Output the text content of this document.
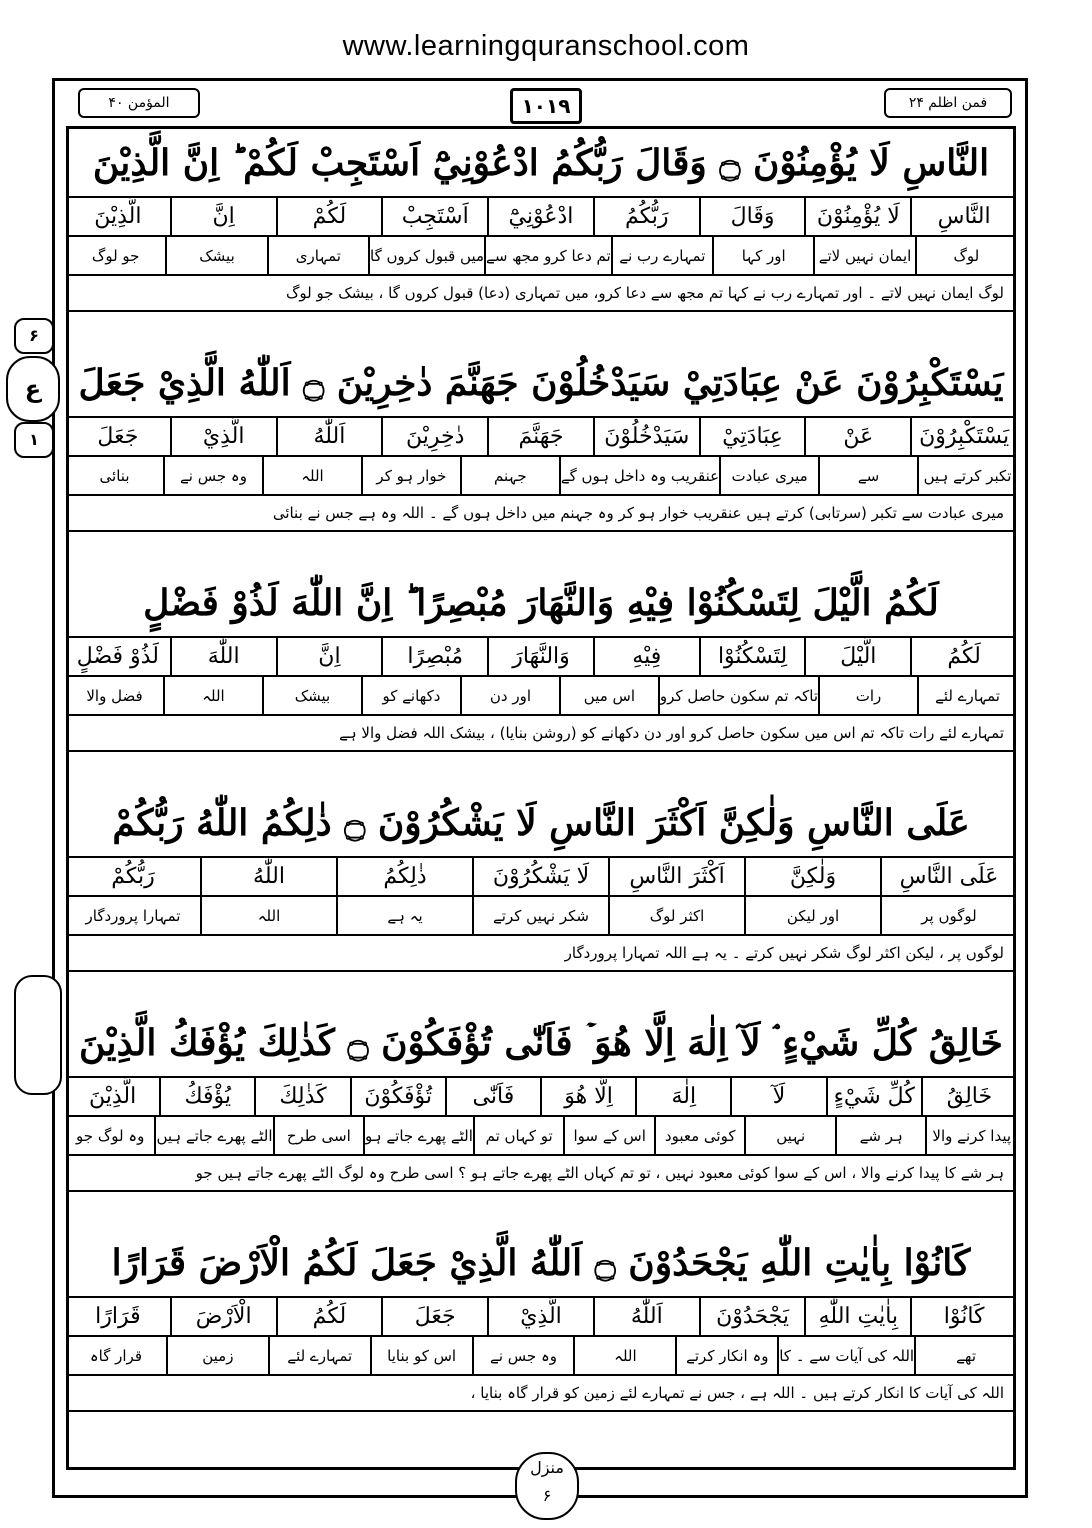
www.learningquranschool.com
فمن اظلم ۲۴
۱۰۱۹
المؤمن ۴۰
۶
ع
۱
النَّاسِ لَا يُؤْمِنُوْنَ ۝ وَقَالَ رَبُّكُمُ ادْعُوْنِيْٓ اَسْتَجِبْ لَكُمْ ؕ اِنَّ الَّذِيْنَ
النَّاسِ
لَا يُؤْمِنُوْنَ
وَقَالَ
رَبُّكُمُ
ادْعُوْنِيْٓ
اَسْتَجِبْ
لَكُمْ
اِنَّ
الَّذِيْنَ
لوگ
ایمان نہیں لاتے
اور کہا
تمہارے رب نے
تم دعا کرو مجھ سے
میں قبول کروں گا
تمہاری
بیشک
جو لوگ
لوگ ایمان نہیں لاتے ۔ اور تمہارے رب نے کہا تم مجھ سے دعا کرو، میں تمہاری (دعا) قبول کروں گا ، بیشک جو لوگ
يَسْتَكْبِرُوْنَ عَنْ عِبَادَتِيْ سَيَدْخُلُوْنَ جَهَنَّمَ دٰخِرِيْنَ ۝ اَللّٰهُ الَّذِيْ جَعَلَ
يَسْتَكْبِرُوْنَ
عَنْ
عِبَادَتِيْ
سَيَدْخُلُوْنَ
جَهَنَّمَ
دٰخِرِيْنَ
اَللّٰهُ
الَّذِيْ
جَعَلَ
تکبر کرتے ہیں
سے
میری عبادت
عنقریب وہ داخل ہوں گے
جہنم
خوار ہو کر
اللہ
وہ جس نے
بنائی
میری عبادت سے تکبر (سرتابی) کرتے ہیں عنقریب خوار ہو کر وہ جہنم میں داخل ہوں گے ۔ اللہ وہ ہے جس نے بنائی
لَكُمُ الَّيْلَ لِتَسْكُنُوْا فِيْهِ وَالنَّهَارَ مُبْصِرًا ؕ اِنَّ اللّٰهَ لَذُوْ فَضْلٍ
لَكُمُ
الَّيْلَ
لِتَسْكُنُوْا
فِيْهِ
وَالنَّهَارَ
مُبْصِرًا
اِنَّ
اللّٰهَ
لَذُوْ فَضْلٍ
تمہارے لئے
رات
تاکہ تم سکون حاصل کرو
اس میں
اور دن
دکھانے کو
بیشک
اللہ
فضل والا
تمہارے لئے رات تاکہ تم اس میں سکون حاصل کرو اور دن دکھانے کو (روشن بنایا) ، بیشک اللہ فضل والا ہے
عَلَى النَّاسِ وَلٰكِنَّ اَكْثَرَ النَّاسِ لَا يَشْكُرُوْنَ ۝ ذٰلِكُمُ اللّٰهُ رَبُّكُمْ
عَلَى النَّاسِ
وَلٰكِنَّ
اَكْثَرَ النَّاسِ
لَا يَشْكُرُوْنَ
ذٰلِكُمُ
اللّٰهُ
رَبُّكُمْ
لوگوں پر
اور لیکن
اکثر لوگ
شکر نہیں کرتے
یہ ہے
اللہ
تمہارا پروردگار
لوگوں پر ، لیکن اکثر لوگ شکر نہیں کرتے ۔ یہ ہے اللہ تمہارا پروردگار
خَالِقُ كُلِّ شَيْءٍ ۘ لَآ اِلٰهَ اِلَّا هُوَ ۡ فَاَنّٰى تُؤْفَكُوْنَ ۝ كَذٰلِكَ يُؤْفَكُ الَّذِيْنَ
خَالِقُ
كُلِّ شَيْءٍ
لَآ
اِلٰهَ
اِلَّا هُوَ
فَاَنّٰى
تُؤْفَكُوْنَ
كَذٰلِكَ
يُؤْفَكُ
الَّذِيْنَ
پیدا کرنے والا
ہر شے
نہیں
کوئی معبود
اس کے سوا
تو کہاں تم
الٹے پھرے جاتے ہو
اسی طرح
الٹے پھرے جاتے ہیں
وہ لوگ جو
ہر شے کا پیدا کرنے والا ، اس کے سوا کوئی معبود نہیں ، تو تم کہاں الٹے پھرے جاتے ہو ؟ اسی طرح وہ لوگ الٹے پھرے جاتے ہیں جو
كَانُوْا بِاٰيٰتِ اللّٰهِ يَجْحَدُوْنَ ۝ اَللّٰهُ الَّذِيْ جَعَلَ لَكُمُ الْاَرْضَ قَرَارًا
كَانُوْا
بِاٰيٰتِ اللّٰهِ
يَجْحَدُوْنَ
اَللّٰهُ
الَّذِيْ
جَعَلَ
لَكُمُ
الْاَرْضَ
قَرَارًا
تھے
اللہ کی آیات سے ۔ کا
وہ انکار کرتے
اللہ
وہ جس نے
اس کو بنایا
تمہارے لئے
زمین
قرار گاہ
اللہ کی آیات کا انکار کرتے ہیں ۔ اللہ ہے ، جس نے تمہارے لئے زمین کو قرار گاہ بنایا ،
منزل
۶
